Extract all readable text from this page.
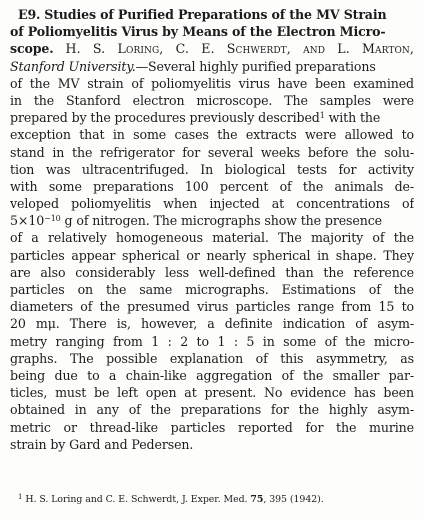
E9. Studies of Purified Preparations of the MV Strain
of Poliomyelitis Virus by Means of the Electron Micro-
scope. H. S. Loring, C. E. Schwerdt, and L. Marton,
Stanford University.—Several highly purified preparations
of the MV strain of poliomyelitis virus have been examined
in the Stanford electron microscope. The samples were
prepared by the procedures previously described$^1$ with the
exception that in some cases the extracts were allowed to
stand in the refrigerator for several weeks before the solu-
tion was ultracentrifuged. In biological tests for activity
with some preparations 100 percent of the animals de-
veloped poliomyelitis when injected at concentrations of
$5\times 10^{-10}$ g of nitrogen. The micrographs show the presence
of a relatively homogeneous material. The majority of the
particles appear spherical or nearly spherical in shape. They
are also considerably less well-defined than the reference
particles on the same micrographs. Estimations of the
diameters of the presumed virus particles range from 15 to
20 mμ. There is, however, a definite indication of asym-
metry ranging from 1 : 2 to 1 : 5 in some of the micro-
graphs. The possible explanation of this asymmetry, as
being due to a chain-like aggregation of the smaller par-
ticles, must be left open at present. No evidence has been
obtained in any of the preparations for the highly asym-
metric or thread-like particles reported for the murine
strain by Gard and Pedersen.
$^1$ H. S. Loring and C. E. Schwerdt, J. Exper. Med. 75, 395 (1942).
